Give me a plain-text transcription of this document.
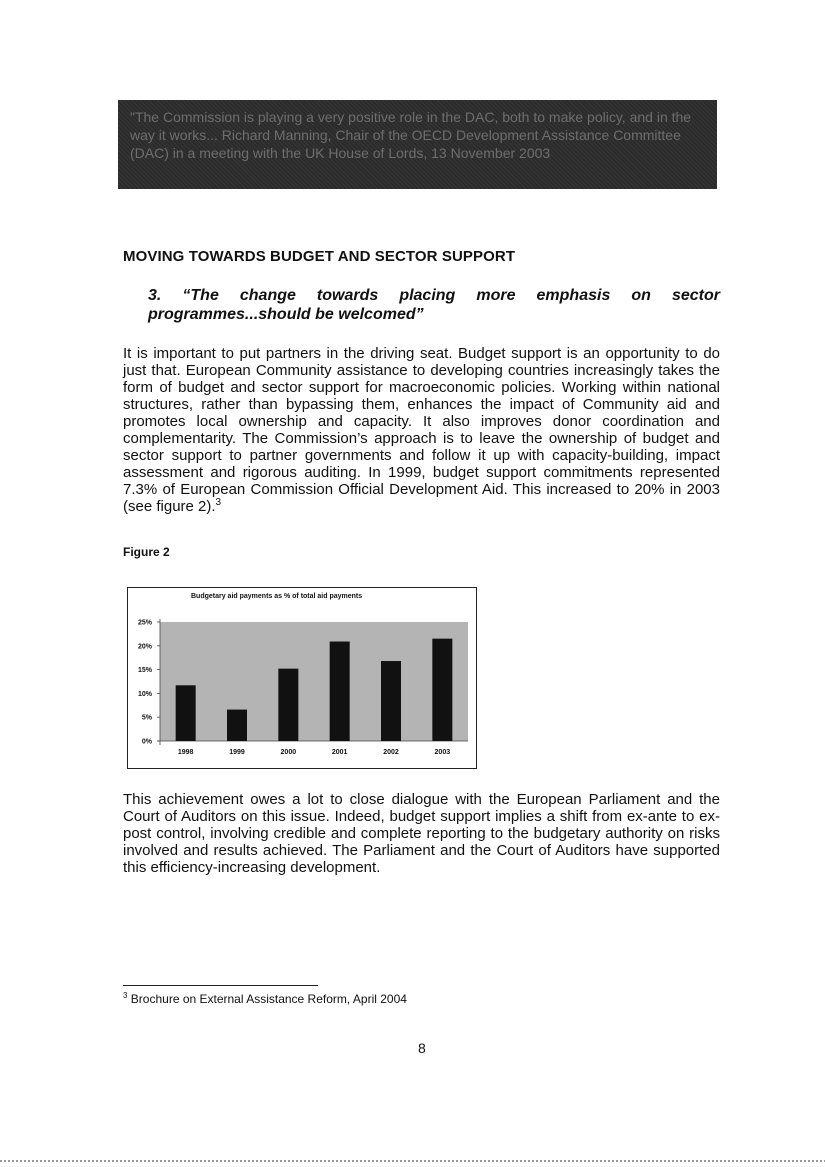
"The Commission is playing a very positive role in the DAC, both to make policy, and in the way it works... Richard Manning, Chair of the OECD Development Assistance Committee (DAC) in a meeting with the UK House of Lords, 13 November 2003

MOVING TOWARDS BUDGET AND SECTOR SUPPORT

3. “The change towards placing more emphasis on sector
programmes...should be welcomed”

It is important to put partners in the driving seat. Budget support is an opportunity to do just that. European Community assistance to developing countries increasingly takes the form of budget and sector support for macroeconomic policies. Working within national structures, rather than bypassing them, enhances the impact of Community aid and promotes local ownership and capacity. It also improves donor coordination and complementarity. The Commission’s approach is to leave the ownership of budget and sector support to partner governments and follow it up with capacity-building, impact assessment and rigorous auditing. In 1999, budget support commitments represented 7.3% of European Commission Official Development Aid. This increased to 20% in 2003 (see figure 2).$^3$

Figure 2

Budgetary aid payments as % of total aid payments
0%
5%
10%
15%
20%
25%
1998	1999	2000	2001	2002	2003

This achievement owes a lot to close dialogue with the European Parliament and the Court of Auditors on this issue. Indeed, budget support implies a shift from ex-ante to ex-post control, involving credible and complete reporting to the budgetary authority on risks involved and results achieved. The Parliament and the Court of Auditors have supported this efficiency-increasing development.

$^3$ Brochure on External Assistance Reform, April 2004

8
